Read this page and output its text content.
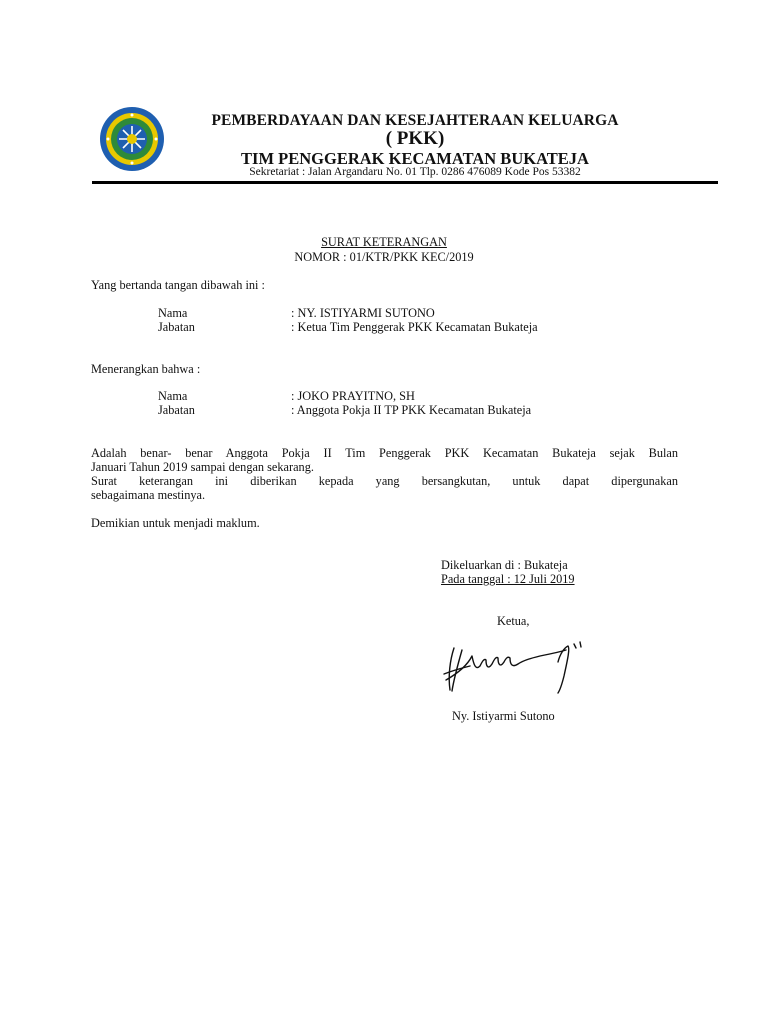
PEMBERDAYAAN DAN KESEJAHTERAAN KELUARGA
( PKK)
TIM PENGGERAK KECAMATAN BUKATEJA
Sekretariat : Jalan Argandaru No. 01 Tlp. 0286 476089 Kode Pos 53382
SURAT KETERANGAN
NOMOR : 01/KTR/PKK KEC/2019
Yang bertanda tangan dibawah ini :
Nama	: NY. ISTIYARMI SUTONO
Jabatan	: Ketua Tim Penggerak PKK Kecamatan Bukateja
Menerangkan bahwa :
Nama	: JOKO PRAYITNO, SH
Jabatan	: Anggota Pokja II TP PKK Kecamatan Bukateja
Adalah benar- benar Anggota Pokja II Tim Penggerak PKK Kecamatan Bukateja sejak Bulan
Januari Tahun 2019 sampai dengan sekarang.
Surat keterangan ini diberikan kepada yang bersangkutan, untuk dapat dipergunakan
sebagaimana mestinya.
Demikian untuk menjadi maklum.
Dikeluarkan di : Bukateja
Pada tanggal : 12 Juli 2019
Ketua,
Ny. Istiyarmi Sutono
